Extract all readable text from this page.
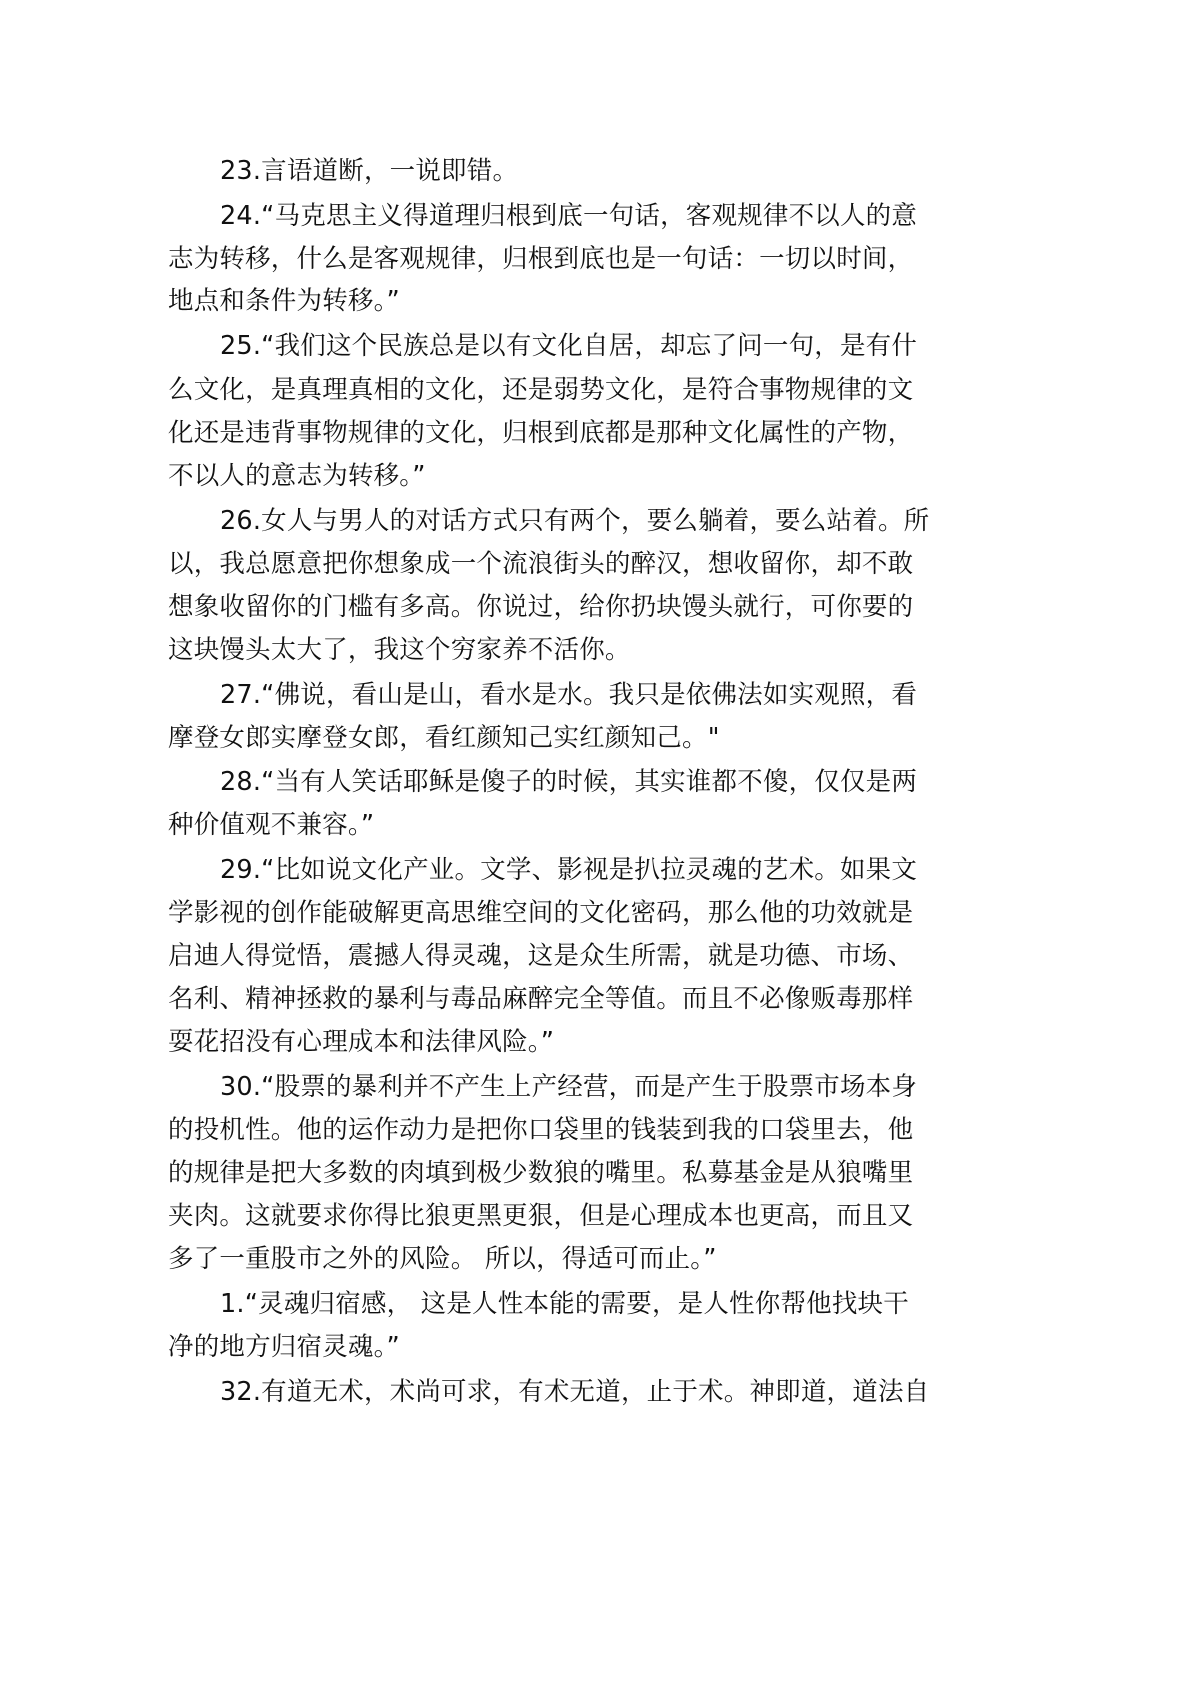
23.言语道断，一说即错。
24.“马克思主义得道理归根到底一句话，客观规律不以人的意
志为转移，什么是客观规律，归根到底也是一句话：一切以时间，
地点和条件为转移。”
25.“我们这个民族总是以有文化自居，却忘了问一句，是有什
么文化，是真理真相的文化，还是弱势文化，是符合事物规律的文
化还是违背事物规律的文化，归根到底都是那种文化属性的产物，
不以人的意志为转移。”
26.女人与男人的对话方式只有两个，要么躺着，要么站着。所
以，我总愿意把你想象成一个流浪街头的醉汉，想收留你，却不敢
想象收留你的门槛有多高。你说过，给你扔块馒头就行，可你要的
这块馒头太大了，我这个穷家养不活你。
27.“佛说，看山是山，看水是水。我只是依佛法如实观照，看
摩登女郎实摩登女郎，看红颜知己实红颜知己。"
28.“当有人笑话耶稣是傻子的时候，其实谁都不傻，仅仅是两
种价值观不兼容。”
29.“比如说文化产业。文学、影视是扒拉灵魂的艺术。如果文
学影视的创作能破解更高思维空间的文化密码，那么他的功效就是
启迪人得觉悟，震撼人得灵魂，这是众生所需，就是功德、市场、
名利、精神拯救的暴利与毒品麻醉完全等值。而且不必像贩毒那样
耍花招没有心理成本和法律风险。”
30.“股票的暴利并不产生上产经营，而是产生于股票市场本身
的投机性。他的运作动力是把你口袋里的钱装到我的口袋里去，他
的规律是把大多数的肉填到极少数狼的嘴里。私募基金是从狼嘴里
夹肉。这就要求你得比狼更黑更狠，但是心理成本也更高，而且又
多了一重股市之外的风险。 所以，得适可而止。”
1.“灵魂归宿感， 这是人性本能的需要，是人性你帮他找块干
净的地方归宿灵魂。”
32.有道无术，术尚可求，有术无道，止于术。神即道，道法自
